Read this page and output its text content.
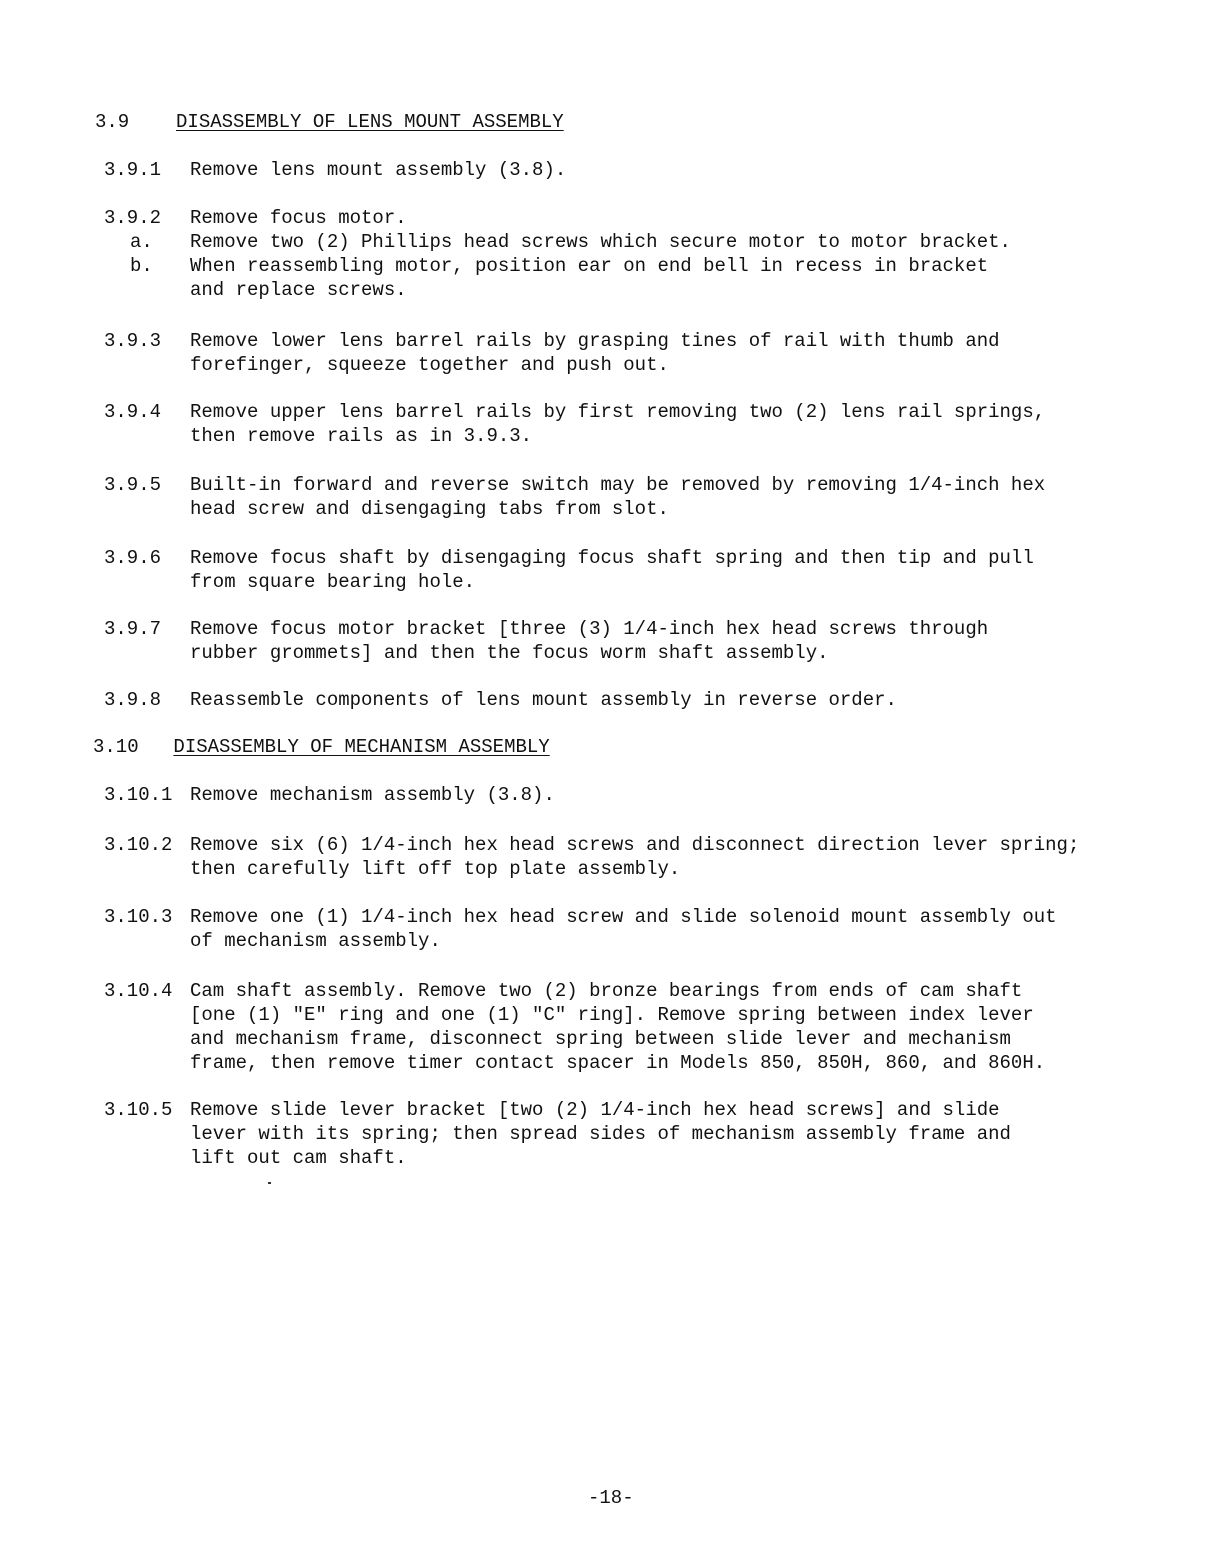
3.9 DISASSEMBLY OF LENS MOUNT ASSEMBLY
3.9.1 Remove lens mount assembly (3.8).
3.9.2 Remove focus motor.
a. Remove two (2) Phillips head screws which secure motor to motor bracket.
b. When reassembling motor, position ear on end bell in recess in bracket
and replace screws.
3.9.3 Remove lower lens barrel rails by grasping tines of rail with thumb and
forefinger, squeeze together and push out.
3.9.4 Remove upper lens barrel rails by first removing two (2) lens rail springs,
then remove rails as in 3.9.3.
3.9.5 Built-in forward and reverse switch may be removed by removing 1/4-inch hex
head screw and disengaging tabs from slot.
3.9.6 Remove focus shaft by disengaging focus shaft spring and then tip and pull
from square bearing hole.
3.9.7 Remove focus motor bracket [three (3) 1/4-inch hex head screws through
rubber grommets] and then the focus worm shaft assembly.
3.9.8 Reassemble components of lens mount assembly in reverse order.
3.10 DISASSEMBLY OF MECHANISM ASSEMBLY
3.10.1 Remove mechanism assembly (3.8).
3.10.2 Remove six (6) 1/4-inch hex head screws and disconnect direction lever spring;
then carefully lift off top plate assembly.
3.10.3 Remove one (1) 1/4-inch hex head screw and slide solenoid mount assembly out
of mechanism assembly.
3.10.4 Cam shaft assembly. Remove two (2) bronze bearings from ends of cam shaft
[one (1) "E" ring and one (1) "C" ring]. Remove spring between index lever
and mechanism frame, disconnect spring between slide lever and mechanism
frame, then remove timer contact spacer in Models 850, 850H, 860, and 860H.
3.10.5 Remove slide lever bracket [two (2) 1/4-inch hex head screws] and slide
lever with its spring; then spread sides of mechanism assembly frame and
lift out cam shaft.
-18-
